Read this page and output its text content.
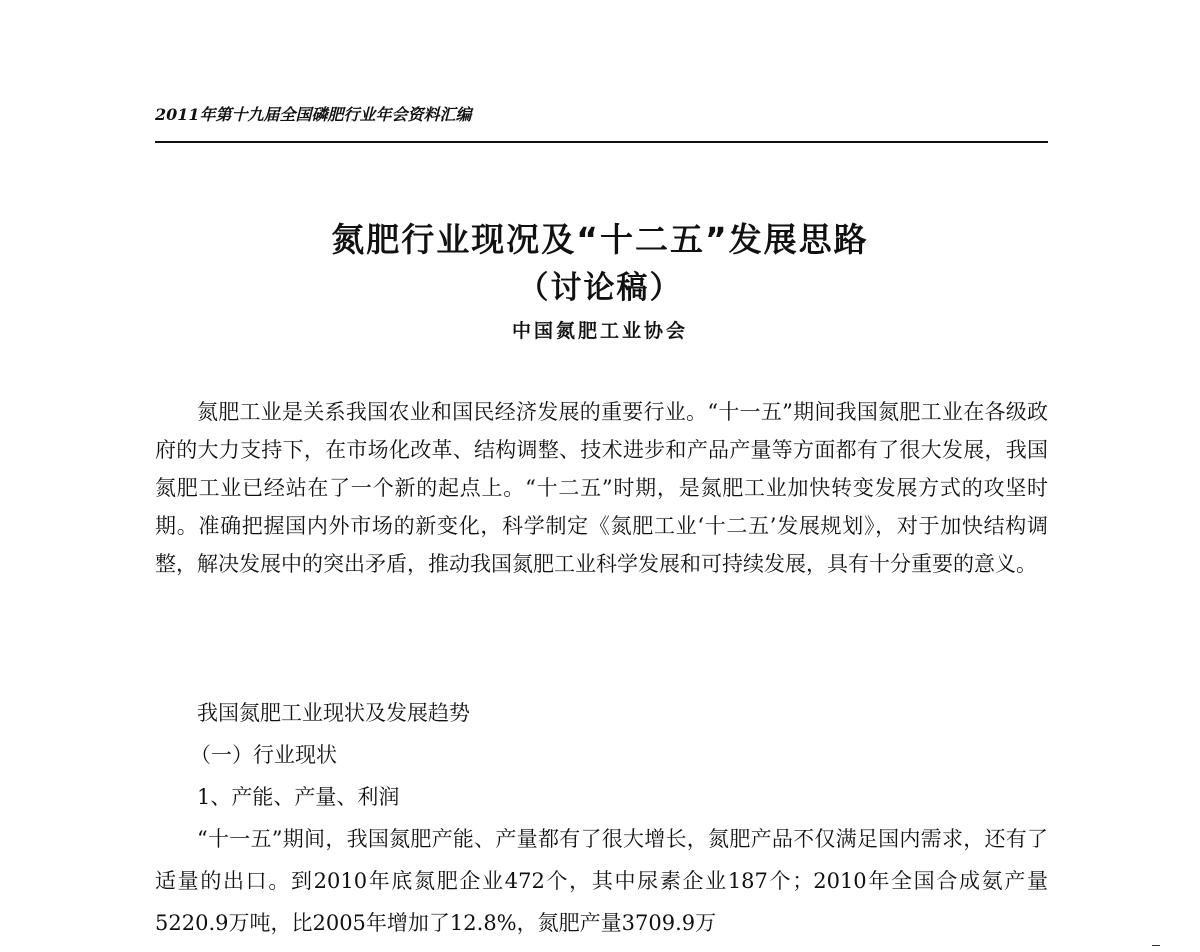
2011年第十九届全国磷肥行业年会资料汇编
氮肥行业现况及“十二五”发展思路
（讨论稿）
中国氮肥工业协会

氮肥工业是关系我国农业和国民经济发展的重要行业。“十一五”期间我国氮肥工业在各级政府的大力支持下，在市场化改革、结构调整、技术进步和产品产量等方面都有了很大发展，我国氮肥工业已经站在了一个新的起点上。“十二五”时期，是氮肥工业加快转变发展方式的攻坚时期。准确把握国内外市场的新变化，科学制定《氮肥工业‘十二五’发展规划》，对于加快结构调整，解决发展中的突出矛盾，推动我国氮肥工业科学发展和可持续发展，具有十分重要的意义。

我国氮肥工业现状及发展趋势

（一）行业现状

1、产能、产量、利润

“十一五”期间，我国氮肥产能、产量都有了很大增长，氮肥产品不仅满足国内需求，还有了适量的出口。到2010年底氮肥企业472个，其中尿素企业187个；2010年全国合成氨产量5220.9万吨，比2005年增加了12.8%，氮肥产量3709.9万
